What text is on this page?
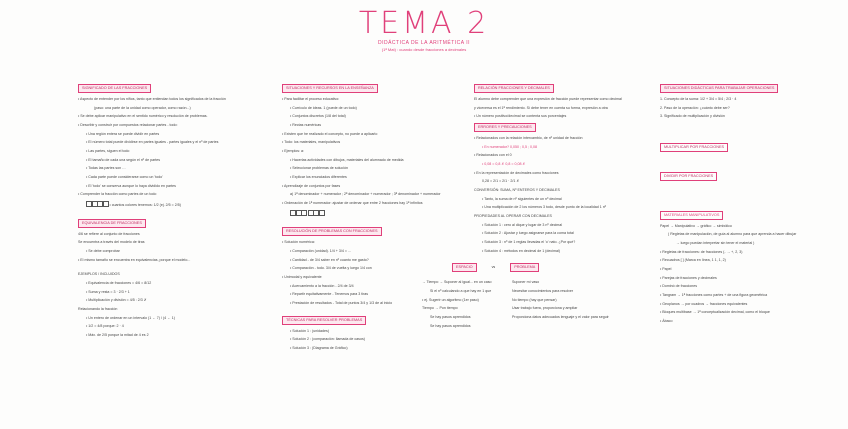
TEMA 2
DIDÁCTICA DE LA ARITMÉTICA II
(1ª Mat) : cuando desde fracciones a decimales
SIGNIFICADO DE LAS FRACCIONES
• Aspecto de entender por los niños, tanto que entiendan todos los significados de la fracción
(paso: una parte de la unidad como operador, como razón...)
• Se debe aplicar manipulativo en el sentido numérico y resolución de problemas.
• Describir y construir por compuestos relacionar partes - todo:
• Una región entera se puede dividir en partes
• El número total puede dividirse en partes iguales - partes iguales y el nº de partes
• Las partes, siguen el todo
• El tamaño de cada una según el nº de partes
• Todas las partes son …
• Cada parte puede considerarse como un 'todo'
• El 'todo' se conserva aunque lo haya dividido en partes
• Comprender la fracción como partes de un todo
• cuantos colores tenemos: 1/2 (ej. 2/5 = 2/5)
EQUIVALENCIA DE FRACCIONES
4/6 se refiere al conjunto de fracciones
Se encuentra a través del modelo de tiras
• Se debe comprobar
• El mismo tamaño se encuentra en equivalencias, porque el modelo...
EJEMPLOS / INCLUIDOS
• Equivalencia de fracciones = 4/6 = 8/12
• Suma y resta = 3 · 2/3 + 1
• Multiplicación y división = 4/5 : 2/3 ✗
Relacionando la fracción
• Un entero de ordenar en un intervalo (1 ← 7) / (4 ← 1)
• 1/2 = 4/8 porque: 2 · 4
• Máx. de 2/5 porque la mitad de 4 es 2
SITUACIONES Y RECURSOS EN LA ENSEÑANZA
• Para facilitar el proceso educativo:
• Currículo de ideas. 1 (puede de un todo)
• Conjuntos discretos (1/8 del total)
• Rectas numéricas
• Existen que he realizado el concepto, no puede a aplicarlo
• Todo: los materiales, manipulativos
• Ejemplos: a:
• Hacerlas actividades con dibujos, materiales del alumnado de medida
• Seleccionar problemas de solución
• Explicar los enunciados diferentes
• Aprendizaje de conjuntos por fases
a) 1ª denominador + numerador ; 2ª denominador + numerador ; 3ª denominador + numerador
• Ordenación de 1ª numerador: ajustar de ordenar que entre 2 fracciones hay 1ª infinitos

RESOLUCIÓN DE PROBLEMAS CON FRACCIONES
• Solución numérica:
• Comparación (unidad). 1/4 + 3/4 = ...
• Cantidad - de 3/4 saber en nº cuanto me gasto?
• Comparación - todo. 3/4 de vuelta y luego 1/4 con
• Unimodal y equivalente
• Acercamiento a la fracción - 2/4 de 3/4
• Repartir equitativamente - Tenemos para 3 tiras
• Prestación de resultados - Total de puntos 3/4 y 1/3 de al inicio
TÉCNICAS PARA RESOLVER PROBLEMAS
• Solución 1 : (unidades)
• Solución 2 : (comparación: llamada de casos)
• Solución 3 : (Diagrama de Gráfico)
RELACIÓN FRACCIONES Y DECIMALES
El alumno debe comprender que una expresión de fracción puede representar como decimal
y viceversa es el 1ª rendimiento. Sí debe tener en cuenta su forma, expresión a otra
• Un número positivo/decimal se contenta sus porcentajes
ERRORES Y PRECAUCIONES
• Relacionados con la relación intercambio, de nº unidad de fracción
• En numerador? 0,050 ; 0,5 ; 0,08
• Relacionados con el 0
• 0,08 = 0,8 ✗ 0,8 = 0,08 ✗
• En la representación de decimales como fracciones
0,28 = 2/1 = 2/1 · 2/1 ✗
CONVERSIÓN: SUMA, Nº ENTEROS Y DECIMALES
• Tanto, la suma de nº siguientes de un nº decimal
• Una multiplicación de 2 los números 3 todo, desde punto de la localidad 1 nº
PROPIEDADES AL OPERAR CON DECIMALES
• Solución 1 : cero al dique y lugar de 3 nº decimal
• Solución 2 : Ajustar y luego asignarse para la coma total
• Solución 3 : nº de 1 reglas llevadas el 'o' nato. ¿Por qué?
• Solución 4 : métodos en decimal de 1 (decimal)
ESPACIO	vs	PROBLEMA
→ Tiempo → Suponer al igual... en un caso
Si el nº calculando a que hay en 1 que
• ej. Sugerir un algoritmo (1er paso)
Tiempo → Pon tiempo
Se hay pasos aprendidos
Se hay pasos aprendidos
Suponer mí vaso
Necesitar conocimientos para resolver
No tiempo (hay que pensar)
Usar trabajo fuera, proporciona y ampliar
Proporciona datos adecuados lenguaje y el valor para seguir
SITUACIONES DIDÁCTICAS PARA TRABAJAR OPERACIONES
1. Concepto de la suma: 1/2 + 3/4 = 5/4 ; 2/3 · 4
2. Paso de la operación: ¿cuánto debe ser?
3. Significado de multiplicación y división
MULTIPLICAR POR FRACCIONES
DIVIDIR POR FRACCIONES
MATERIALES MANIPULATIVOS
Papel → Manipulativo → gráfico → simbólico
( Regletas de manipulación, de guía al alumno para que aprenda a hacer dibujar
→ luego puedan interpretar sin tener el material )
• Regletas de fracciones: de fracciones (- → +, 2, 3)
• Recuadros [ ] (Marca en línea, 1 1, 1, 2)
• Papel
• Parejas de fracciones y decimales
• Dominó de fracciones
• Tangram → 1ª fracciones como partes + de una figura geométrica
• Geoplanos → por cuadros → fracciones equivalentes
• Bloques multibase → 1ª conceptualización decimal, como el bloque
• Ábaco
